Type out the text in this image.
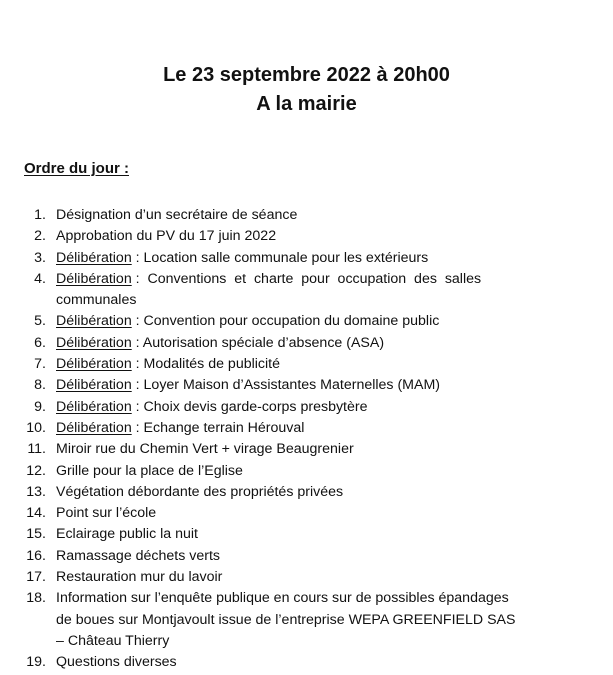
Le 23 septembre 2022 à 20h00
A la mairie
Ordre du jour :
1. Désignation d’un secrétaire de séance
2. Approbation du PV du 17 juin 2022
3. Délibération : Location salle communale pour les extérieurs
4. Délibération :  Conventions  et  charte  pour  occupation  des  salles
communales
5. Délibération : Convention pour occupation du domaine public
6. Délibération : Autorisation spéciale d’absence (ASA)
7. Délibération : Modalités de publicité
8. Délibération : Loyer Maison d’Assistantes Maternelles (MAM)
9. Délibération : Choix devis garde-corps presbytère
10. Délibération : Echange terrain Hérouval
11. Miroir rue du Chemin Vert + virage Beaugrenier
12. Grille pour la place de l’Eglise
13. Végétation débordante des propriétés privées
14. Point sur l’école
15. Eclairage public la nuit
16. Ramassage déchets verts
17. Restauration mur du lavoir
18. Information sur l’enquête publique en cours sur de possibles épandages
de boues sur Montjavoult issue de l’entreprise WEPA GREENFIELD SAS
– Château Thierry
19. Questions diverses
